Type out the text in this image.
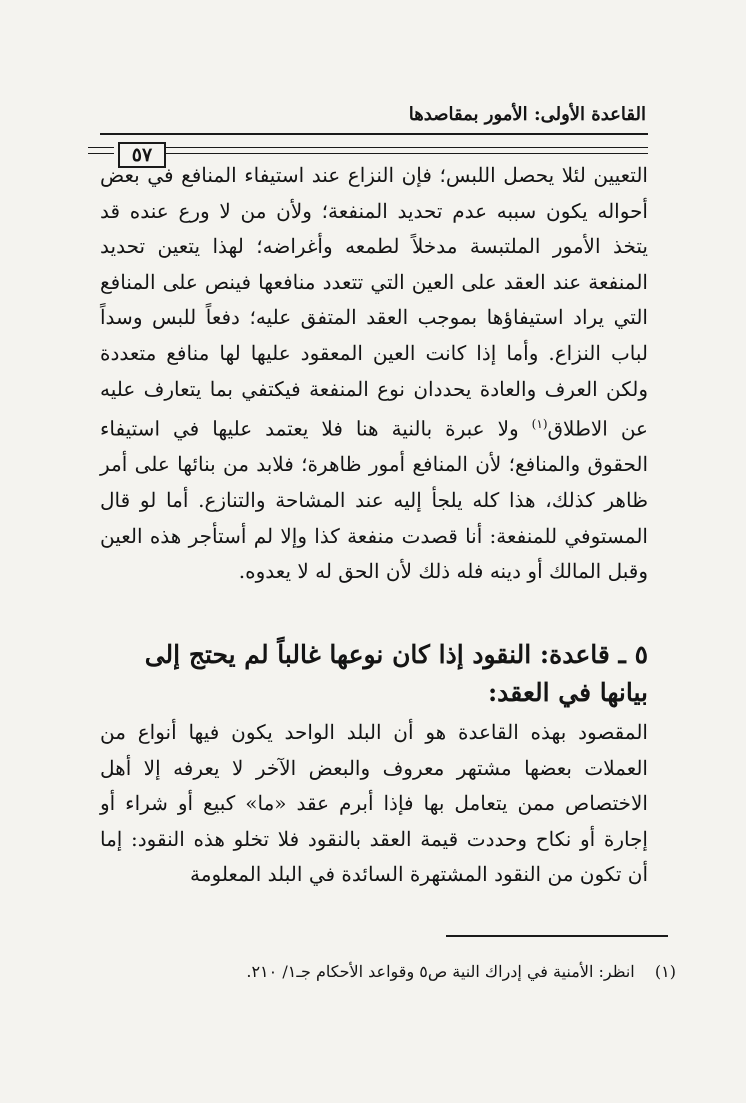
القاعدة الأولى: الأمور بمقاصدها
٥٧
التعيين لئلا يحصل اللبس؛ فإن النزاع عند استيفاء المنافع في بعض أحواله يكون سببه عدم تحديد المنفعة؛ ولأن من لا ورع عنده قد يتخذ الأمور الملتبسة مدخلاً لطمعه وأغراضه؛ لهذا يتعين تحديد المنفعة عند العقد على العين التي تتعدد منافعها فينص على المنافع التي يراد استيفاؤها بموجب العقد المتفق عليه؛ دفعاً للبس وسداً لباب النزاع. وأما إذا كانت العين المعقود عليها لها منافع متعددة ولكن العرف والعادة يحددان نوع المنفعة فيكتفي بما يتعارف عليه عن الاطلاق$^{(١)}$ ولا عبرة بالنية هنا فلا يعتمد عليها في استيفاء الحقوق والمنافع؛ لأن المنافع أمور ظاهرة؛ فلابد من بنائها على أمر ظاهر كذلك، هذا كله يلجأ إليه عند المشاحة والتنازع. أما لو قال المستوفي للمنفعة: أنا قصدت منفعة كذا وإلا لم أستأجر هذه العين وقبل المالك أو دينه فله ذلك لأن الحق له لا يعدوه.
٥ ـ قاعدة: النقود إذا كان نوعها غالباً لم يحتج إلى بيانها في العقد:
المقصود بهذه القاعدة هو أن البلد الواحد يكون فيها أنواع من العملات بعضها مشتهر معروف والبعض الآخر لا يعرفه إلا أهل الاختصاص ممن يتعامل بها فإذا أبرم عقد «ما» كبيع أو شراء أو إجارة أو نكاح وحددت قيمة العقد بالنقود فلا تخلو هذه النقود: إما أن تكون من النقود المشتهرة السائدة في البلد المعلومة
(١)  انظر: الأمنية في إدراك النية ص٥ وقواعد الأحكام جـ١/ ٢١٠.
